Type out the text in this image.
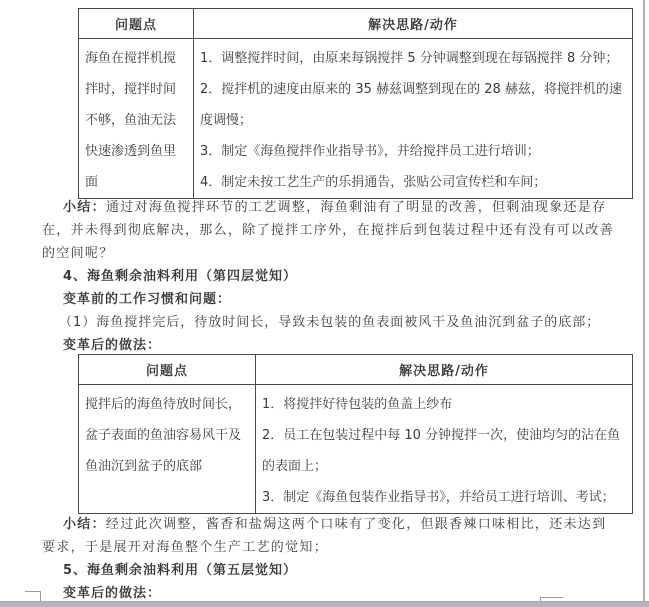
问题点	解决思路/动作
海鱼在搅拌机搅拌时，搅拌时间不够，鱼油无法快速渗透到鱼里面	1．调整搅拌时间，由原来每锅搅拌 5 分钟调整到现在每锅搅拌 8 分钟；

2．搅拌机的速度由原来的 35 赫兹调整到现在的 28 赫兹，将搅拌机的速度调慢；

3．制定《海鱼搅拌作业指导书》，并给搅拌员工进行培训；

4．制定未按工艺生产的乐捐通告，张贴公司宣传栏和车间；

小结：通过对海鱼搅拌环节的工艺调整，海鱼剩油有了明显的改善，但剩油现象还是存在，并未得到彻底解决，那么，除了搅拌工序外，在搅拌后到包装过程中还有没有可以改善的空间呢？

4、海鱼剩余油料利用（第四层觉知）

变革前的工作习惯和问题：

（1）海鱼搅拌完后，待放时间长，导致未包装的鱼表面被风干及鱼油沉到盆子的底部；

变革后的做法：

问题点	解决思路/动作
搅拌后的海鱼待放时间长，盆子表面的鱼油容易风干及鱼油沉到盆子的底部	1．将搅拌好待包装的鱼盖上纱布

2．员工在包装过程中每 10 分钟搅拌一次，使油均匀的沾在鱼的表面上；

3．制定《海鱼包装作业指导书》，并给员工进行培训、考试；

小结：经过此次调整，酱香和盐焗这两个口味有了变化，但跟香辣口味相比，还未达到要求，于是展开对海鱼整个生产工艺的觉知；

5、海鱼剩余油料利用（第五层觉知）

变革后的做法：
